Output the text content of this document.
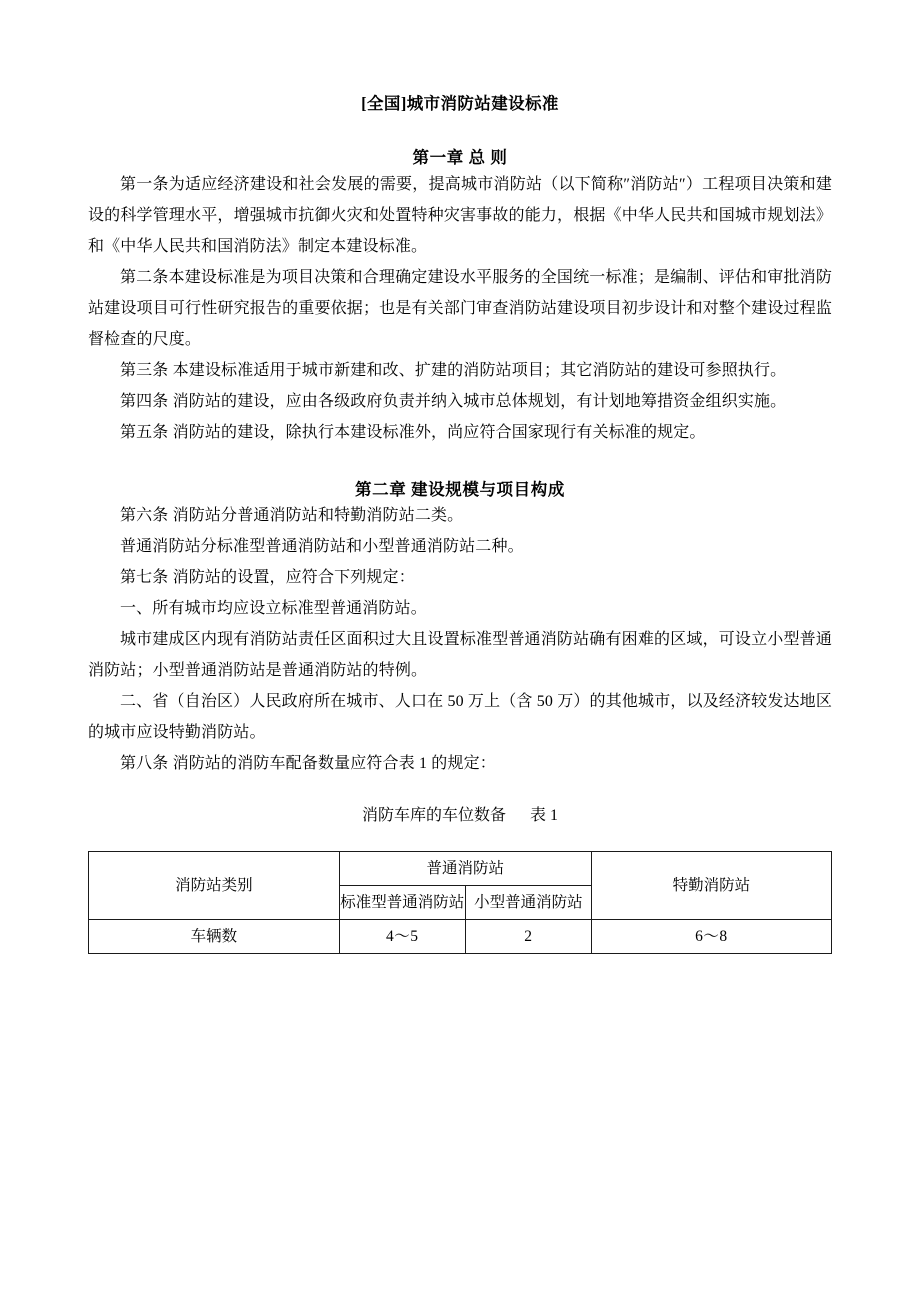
[全国]城市消防站建设标准
第一章 总 则

第一条为适应经济建设和社会发展的需要，提高城市消防站（以下简称″消防站″）工程项目决策和建设的科学管理水平，增强城市抗御火灾和处置特种灾害事故的能力，根据《中华人民共和国城市规划法》和《中华人民共和国消防法》制定本建设标准。

第二条本建设标准是为项目决策和合理确定建设水平服务的全国统一标准；是编制、评估和审批消防站建设项目可行性研究报告的重要依据；也是有关部门审查消防站建设项目初步设计和对整个建设过程监督检查的尺度。

第三条 本建设标准适用于城市新建和改、扩建的消防站项目；其它消防站的建设可参照执行。

第四条 消防站的建设，应由各级政府负责并纳入城市总体规划，有计划地筹措资金组织实施。

第五条 消防站的建设，除执行本建设标准外，尚应符合国家现行有关标准的规定。

第二章 建设规模与项目构成

第六条 消防站分普通消防站和特勤消防站二类。

普通消防站分标准型普通消防站和小型普通消防站二种。

第七条 消防站的设置，应符合下列规定：

一、所有城市均应设立标准型普通消防站。

城市建成区内现有消防站责任区面积过大且设置标准型普通消防站确有困难的区域，可设立小型普通消防站；小型普通消防站是普通消防站的特例。

二、省（自治区）人民政府所在城市、人口在 50 万上（含 50 万）的其他城市，以及经济较发达地区的城市应设特勤消防站。

第八条 消防站的消防车配备数量应符合表 1 的规定：

消防车库的车位数备      表 1

消防站类别	普通消防站		特勤消防站
	标准型普通消防站	小型普通消防站	
车辆数	4～5	2	6～8
